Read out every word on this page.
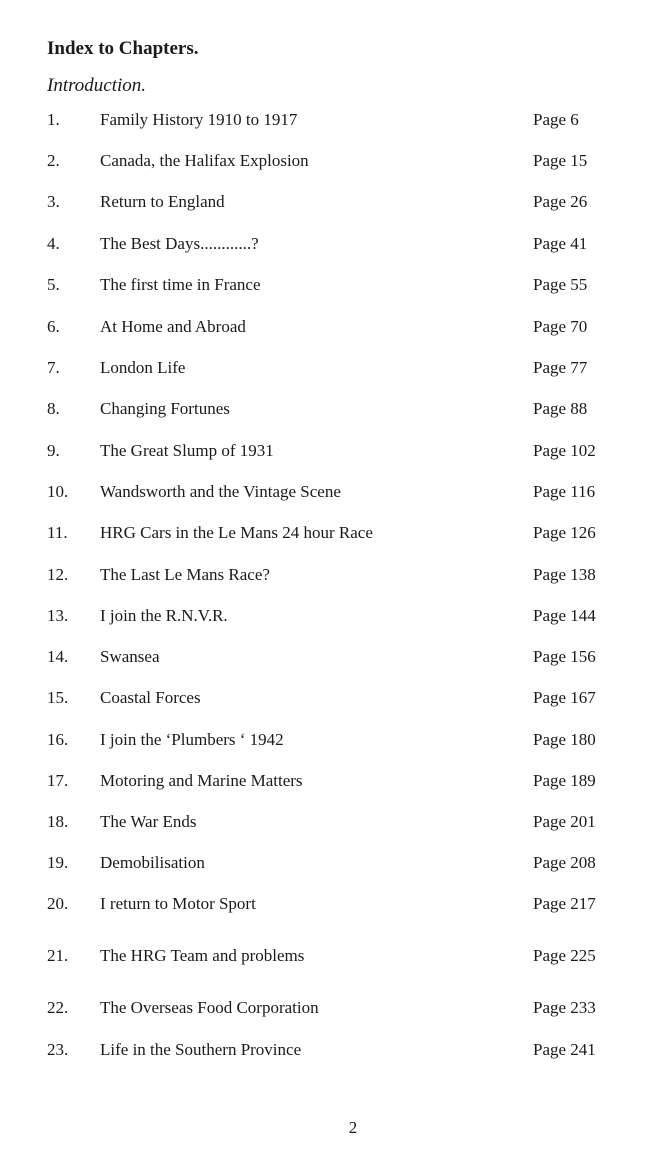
Index to Chapters.
Introduction.
1. Family History 1910 to 1917	Page 6
2. Canada, the Halifax Explosion	Page 15
3. Return to England	Page 26
4. The Best Days............?	Page 41
5. The first time in France	Page 55
6. At Home and Abroad	Page 70
7. London Life	Page 77
8. Changing Fortunes	Page 88
9. The Great Slump of 1931	Page 102
10. Wandsworth and the Vintage Scene	Page 116
11. HRG Cars in the Le Mans 24 hour Race	Page 126
12. The Last Le Mans Race?	Page 138
13. I join the R.N.V.R.	Page 144
14. Swansea	Page 156
15. Coastal Forces	Page 167
16. I join the ‘Plumbers ‘ 1942	Page 180
17. Motoring and Marine Matters	Page 189
18. The War Ends	Page 201
19. Demobilisation	Page 208
20. I return to Motor Sport	Page 217
21. The HRG Team and problems	Page 225
22. The Overseas Food Corporation	Page 233
23. Life in the Southern Province	Page 241
2
